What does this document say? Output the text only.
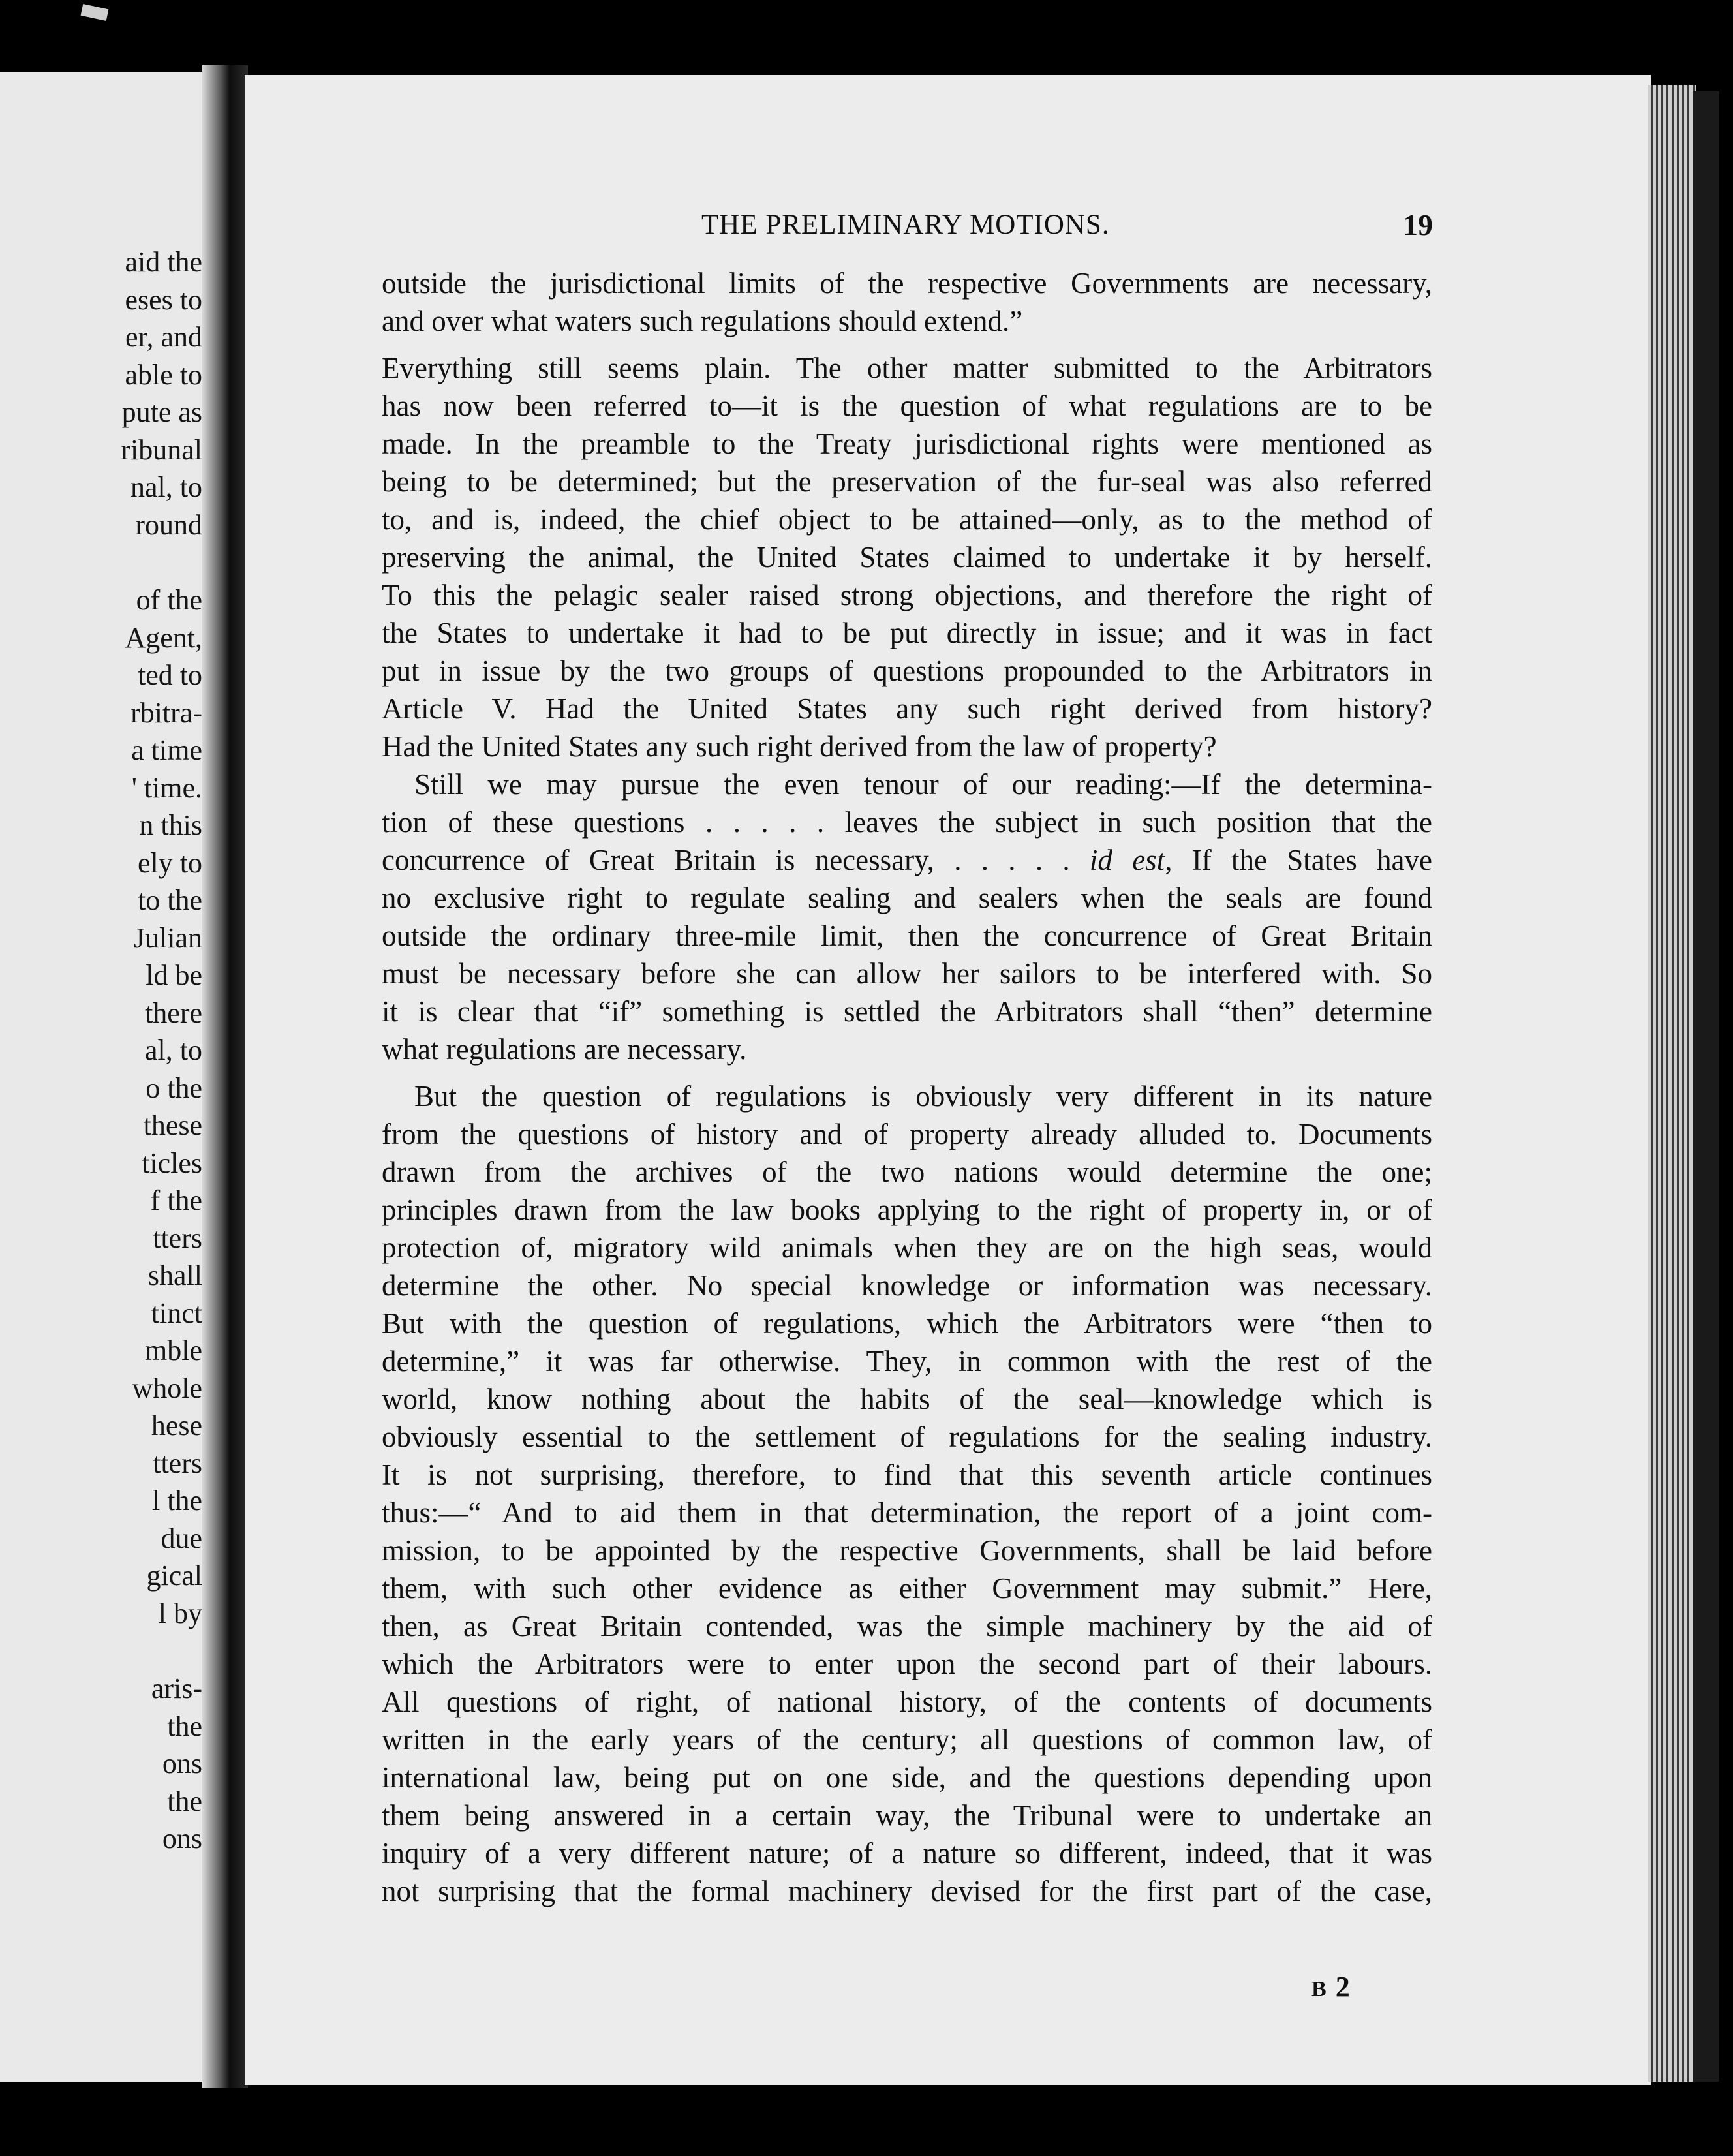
aid the
eses to
er, and
able to
pute as
ribunal
nal, to
round
of the
Agent,
ted to
rbitra-
a time
' time.
n this
ely to
to the
Julian
ld be
there
al, to
o the
these
ticles
f the
tters
shall
tinct
mble
whole
hese
tters
l the
due
gical
l by
aris-
the
ons
the
ons
THE PRELIMINARY MOTIONS.	19
outside the jurisdictional limits of the respective Governments are necessary,
and over what waters such regulations should extend.”
Everything still seems plain. The other matter submitted to the Arbitrators
has now been referred to—it is the question of what regulations are to be
made. In the preamble to the Treaty jurisdictional rights were mentioned as
being to be determined; but the preservation of the fur-seal was also referred
to, and is, indeed, the chief object to be attained—only, as to the method of
preserving the animal, the United States claimed to undertake it by herself.
To this the pelagic sealer raised strong objections, and therefore the right of
the States to undertake it had to be put directly in issue; and it was in fact
put in issue by the two groups of questions propounded to the Arbitrators in
Article V. Had the United States any such right derived from history?
Had the United States any such right derived from the law of property?
Still we may pursue the even tenour of our reading:—If the determina-
tion of these questions . . . . . leaves the subject in such position that the
concurrence of Great Britain is necessary, . . . . . id est, If the States have
no exclusive right to regulate sealing and sealers when the seals are found
outside the ordinary three-mile limit, then the concurrence of Great Britain
must be necessary before she can allow her sailors to be interfered with. So
it is clear that “if” something is settled the Arbitrators shall “then” determine
what regulations are necessary.
But the question of regulations is obviously very different in its nature
from the questions of history and of property already alluded to. Documents
drawn from the archives of the two nations would determine the one;
principles drawn from the law books applying to the right of property in, or of
protection of, migratory wild animals when they are on the high seas, would
determine the other. No special knowledge or information was necessary.
But with the question of regulations, which the Arbitrators were “then to
determine,” it was far otherwise. They, in common with the rest of the
world, know nothing about the habits of the seal—knowledge which is
obviously essential to the settlement of regulations for the sealing industry.
It is not surprising, therefore, to find that this seventh article continues
thus:—“ And to aid them in that determination, the report of a joint com-
mission, to be appointed by the respective Governments, shall be laid before
them, with such other evidence as either Government may submit.” Here,
then, as Great Britain contended, was the simple machinery by the aid of
which the Arbitrators were to enter upon the second part of their labours.
All questions of right, of national history, of the contents of documents
written in the early years of the century; all questions of common law, of
international law, being put on one side, and the questions depending upon
them being answered in a certain way, the Tribunal were to undertake an
inquiry of a very different nature; of a nature so different, indeed, that it was
not surprising that the formal machinery devised for the first part of the case,
B 2
